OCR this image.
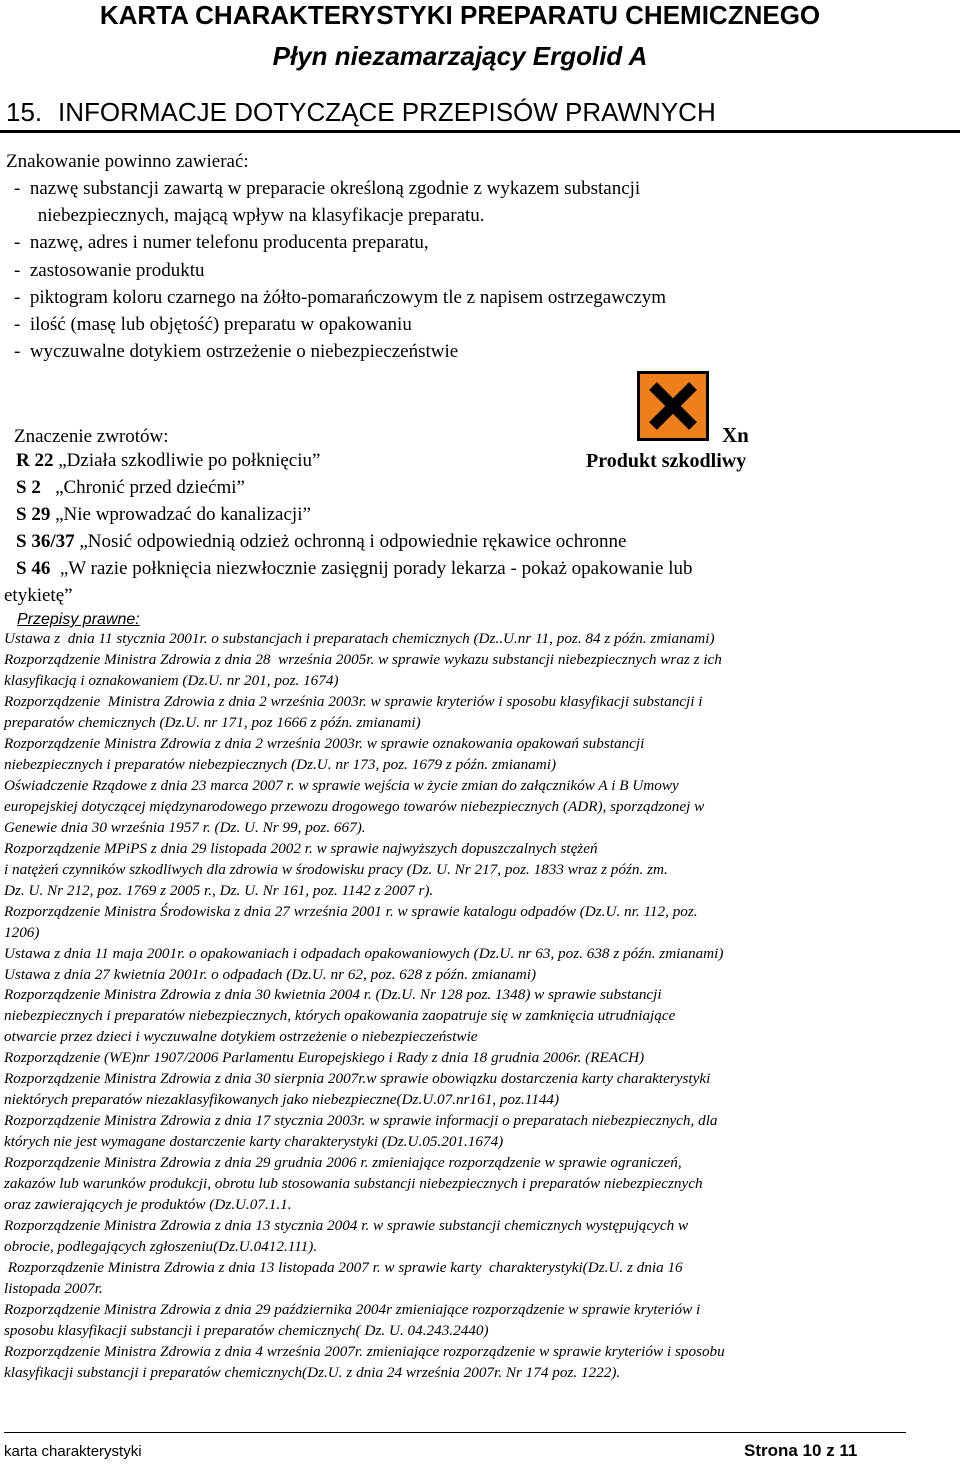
KARTA CHARAKTERYSTYKI PREPARATU CHEMICZNEGO
Płyn niezamarzający Ergolid A
15. INFORMACJE DOTYCZĄCE PRZEPISÓW PRAWNYCH
Znakowanie powinno zawierać:
-  nazwę substancji zawartą w preparacie określoną zgodnie z wykazem substancji
niebezpiecznych, mającą wpływ na klasyfikacje preparatu.
-  nazwę, adres i numer telefonu producenta preparatu,
-  zastosowanie produktu
-  piktogram koloru czarnego na żółto-pomarańczowym tle z napisem ostrzegawczym
-  ilość (masę lub objętość) preparatu w opakowaniu
-  wyczuwalne dotykiem ostrzeżenie o niebezpieczeństwie
Xn
Produkt szkodliwy
Znaczenie zwrotów:
R 22 „Działa szkodliwie po połknięciu”
S 2   „Chronić przed dziećmi”
S 29 „Nie wprowadzać do kanalizacji”
S 36/37 „Nosić odpowiednią odzież ochronną i odpowiednie rękawice ochronne
S 46  „W razie połknięcia niezwłocznie zasięgnij porady lekarza - pokaż opakowanie lub
etykietę”
Przepisy prawne:
Ustawa z  dnia 11 stycznia 2001r. o substancjach i preparatach chemicznych (Dz..U.nr 11, poz. 84 z późn. zmianami)
Rozporządzenie Ministra Zdrowia z dnia 28  września 2005r. w sprawie wykazu substancji niebezpiecznych wraz z ich
klasyfikacją i oznakowaniem (Dz.U. nr 201, poz. 1674)
Rozporządzenie  Ministra Zdrowia z dnia 2 września 2003r. w sprawie kryteriów i sposobu klasyfikacji substancji i
preparatów chemicznych (Dz.U. nr 171, poz 1666 z późn. zmianami)
Rozporządzenie Ministra Zdrowia z dnia 2 września 2003r. w sprawie oznakowania opakowań substancji
niebezpiecznych i preparatów niebezpiecznych (Dz.U. nr 173, poz. 1679 z późn. zmianami)
Oświadczenie Rządowe z dnia 23 marca 2007 r. w sprawie wejścia w życie zmian do załączników A i B Umowy
europejskiej dotyczącej międzynarodowego przewozu drogowego towarów niebezpiecznych (ADR), sporządzonej w
Genewie dnia 30 września 1957 r. (Dz. U. Nr 99, poz. 667).
Rozporządzenie MPiPS z dnia 29 listopada 2002 r. w sprawie najwyższych dopuszczalnych stężeń
i natężeń czynników szkodliwych dla zdrowia w środowisku pracy (Dz. U. Nr 217, poz. 1833 wraz z późn. zm.
Dz. U. Nr 212, poz. 1769 z 2005 r., Dz. U. Nr 161, poz. 1142 z 2007 r).
Rozporządzenie Ministra Środowiska z dnia 27 września 2001 r. w sprawie katalogu odpadów (Dz.U. nr. 112, poz.
1206)
Ustawa z dnia 11 maja 2001r. o opakowaniach i odpadach opakowaniowych (Dz.U. nr 63, poz. 638 z późn. zmianami)
Ustawa z dnia 27 kwietnia 2001r. o odpadach (Dz.U. nr 62, poz. 628 z późn. zmianami)
Rozporządzenie Ministra Zdrowia z dnia 30 kwietnia 2004 r. (Dz.U. Nr 128 poz. 1348) w sprawie substancji
niebezpiecznych i preparatów niebezpiecznych, których opakowania zaopatruje się w zamknięcia utrudniające
otwarcie przez dzieci i wyczuwalne dotykiem ostrzeżenie o niebezpieczeństwie
Rozporządzenie (WE)nr 1907/2006 Parlamentu Europejskiego i Rady z dnia 18 grudnia 2006r. (REACH)
Rozporządzenie Ministra Zdrowia z dnia 30 sierpnia 2007r.w sprawie obowiązku dostarczenia karty charakterystyki
niektórych preparatów niezaklasyfikowanych jako niebezpieczne(Dz.U.07.nr161, poz.1144)
Rozporządzenie Ministra Zdrowia z dnia 17 stycznia 2003r. w sprawie informacji o preparatach niebezpiecznych, dla
których nie jest wymagane dostarczenie karty charakterystyki (Dz.U.05.201.1674)
Rozporządzenie Ministra Zdrowia z dnia 29 grudnia 2006 r. zmieniające rozporządzenie w sprawie ograniczeń,
zakazów lub warunków produkcji, obrotu lub stosowania substancji niebezpiecznych i preparatów niebezpiecznych
oraz zawierających je produktów (Dz.U.07.1.1.
Rozporządzenie Ministra Zdrowia z dnia 13 stycznia 2004 r. w sprawie substancji chemicznych występujących w
obrocie, podlegających zgłoszeniu(Dz.U.0412.111).
Rozporządzenie Ministra Zdrowia z dnia 13 listopada 2007 r. w sprawie karty  charakterystyki(Dz.U. z dnia 16
listopada 2007r.
Rozporządzenie Ministra Zdrowia z dnia 29 października 2004r zmieniające rozporządzenie w sprawie kryteriów i
sposobu klasyfikacji substancji i preparatów chemicznych( Dz. U. 04.243.2440)
Rozporządzenie Ministra Zdrowia z dnia 4 września 2007r. zmieniające rozporządzenie w sprawie kryteriów i sposobu
klasyfikacji substancji i preparatów chemicznych(Dz.U. z dnia 24 września 2007r. Nr 174 poz. 1222).
karta charakterystyki	Strona 10 z 11
